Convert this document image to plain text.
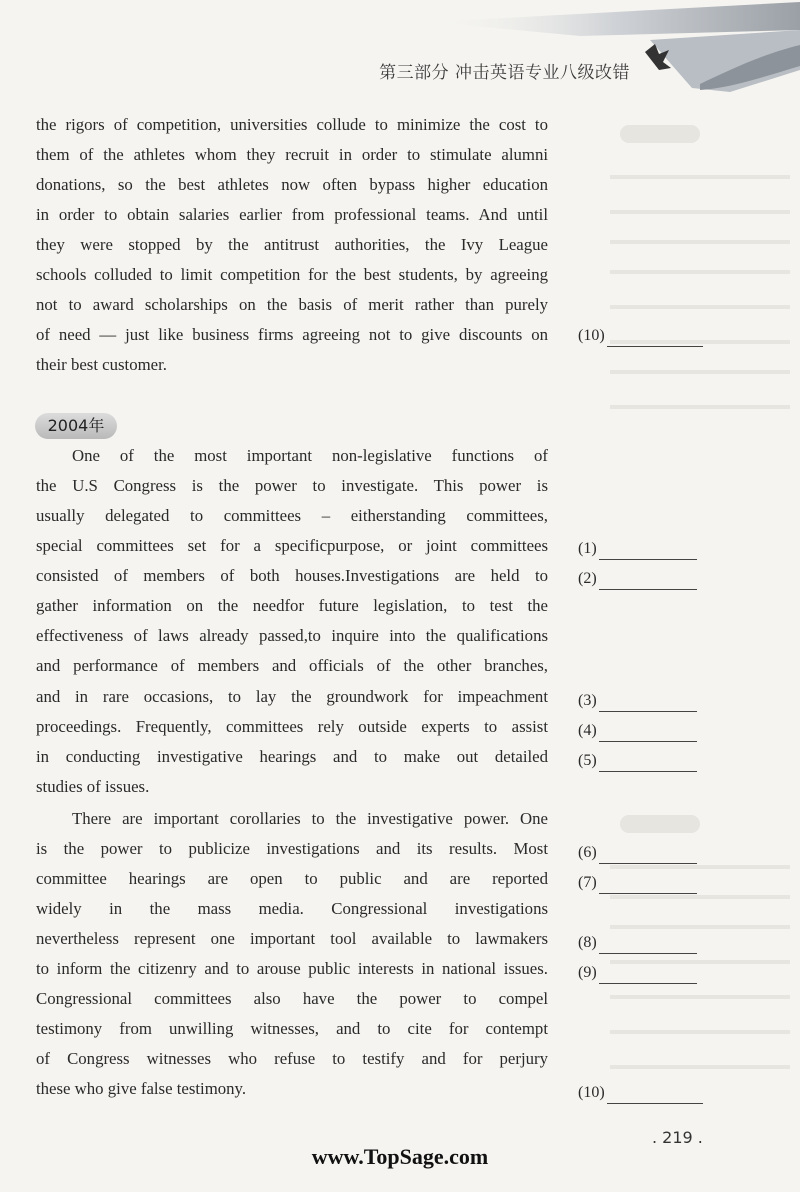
第三部分 冲击英语专业八级改错
the rigors of competition, universities collude to minimize the cost to
them of the athletes whom they recruit in order to stimulate alumni
donations, so the best athletes now often bypass higher education
in order to obtain salaries earlier from professional teams. And until
they were stopped by the antitrust authorities, the Ivy League
schools colluded to limit competition for the best students, by agreeing
not to award scholarships on the basis of merit rather than purely
of need — just like business firms agreeing not to give discounts on
their best customer.
(10)
2004年
One of the most important non-legislative functions of
the U.S Congress is the power to investigate. This power is
usually delegated to committees – eitherstanding committees,
special committees set for a specificpurpose, or joint committees
consisted of members of both houses.Investigations are held to
gather information on the needfor future legislation, to test the
effectiveness of laws already passed,to inquire into the qualifications
and performance of members and officials of the other branches,
and in rare occasions, to lay the groundwork for impeachment
proceedings. Frequently, committees rely outside experts to assist
in conducting investigative hearings and to make out detailed
studies of issues.
There are important corollaries to the investigative power. One
is the power to publicize investigations and its results. Most
committee hearings are open to public and are reported
widely in the mass media. Congressional investigations
nevertheless represent one important tool available to lawmakers
to inform the citizenry and to arouse public interests in national issues.
Congressional committees also have the power to compel
testimony from unwilling witnesses, and to cite for contempt
of Congress witnesses who refuse to testify and for perjury
these who give false testimony.
(1)
(2)
(3)
(4)
(5)
(6)
(7)
(8)
(9)
(10)
. 219 .
www.TopSage.com
